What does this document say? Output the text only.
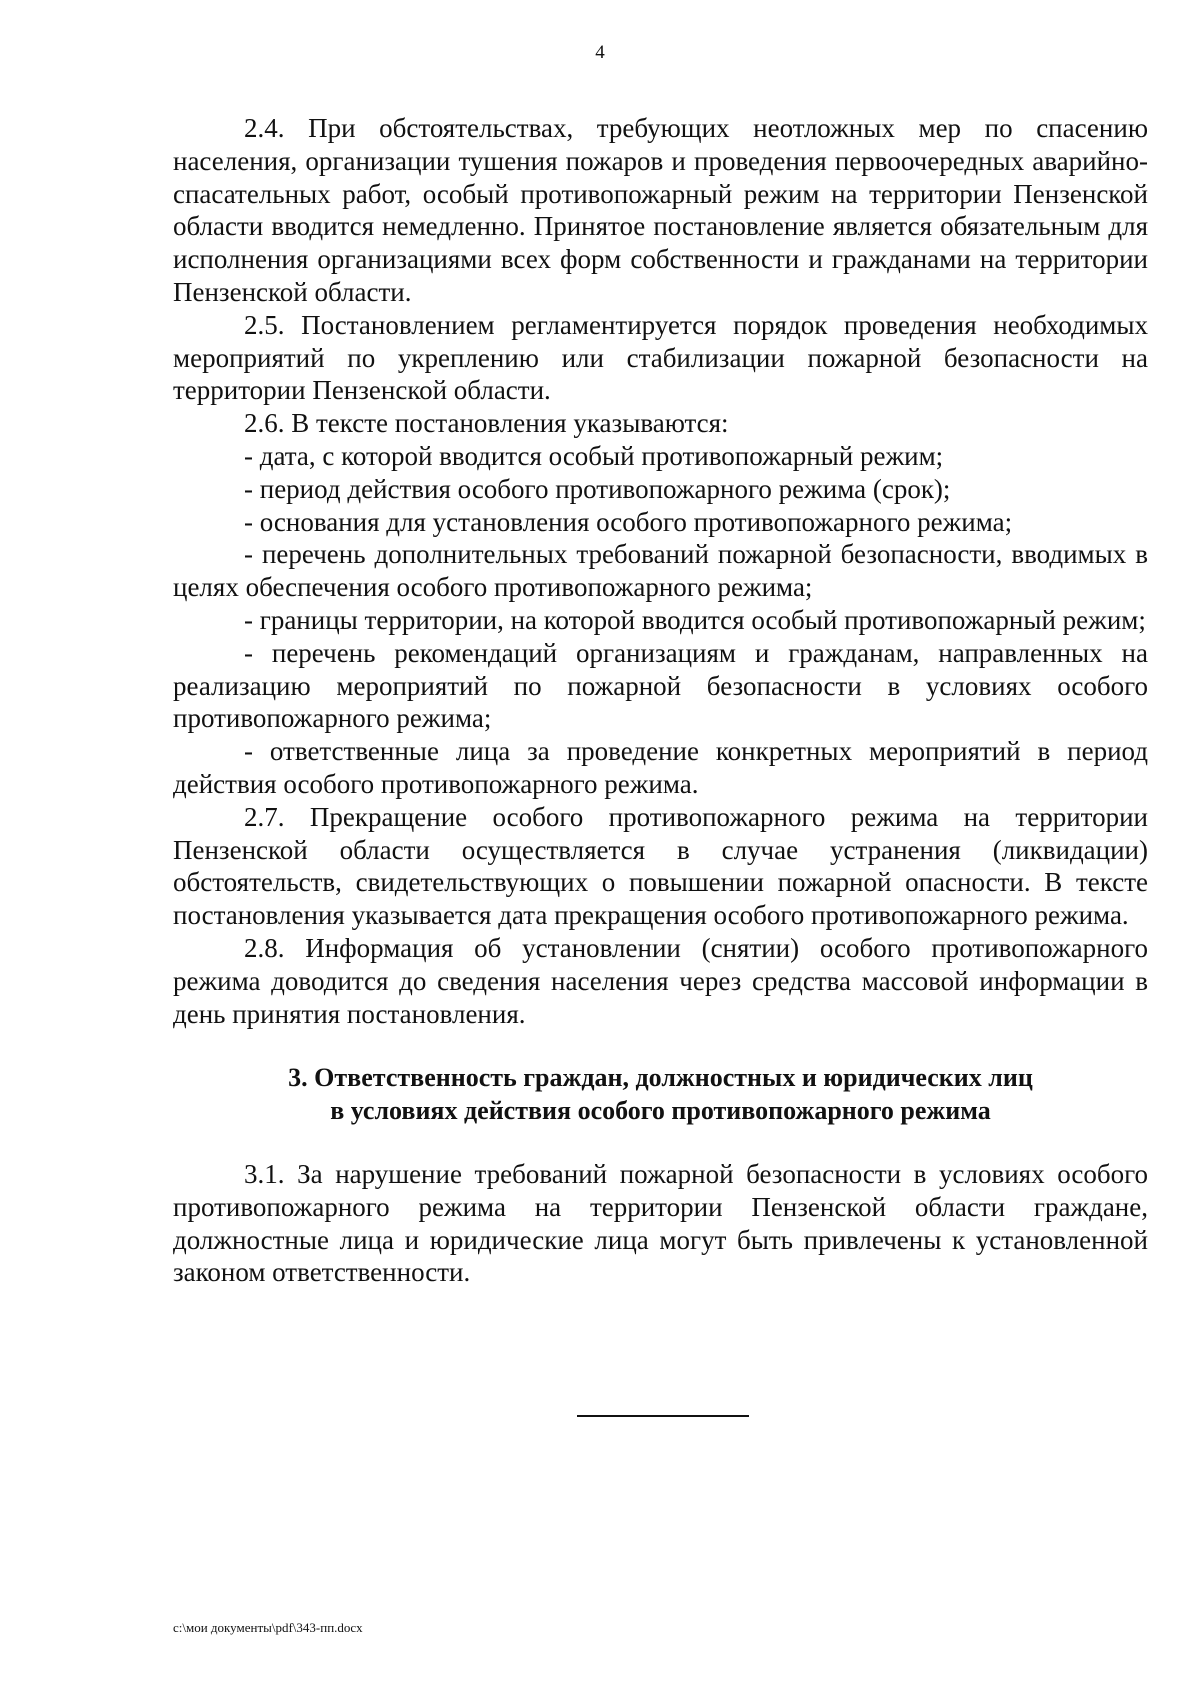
4

2.4. При обстоятельствах, требующих неотложных мер по спасению населения, организации тушения пожаров и проведения первоочередных аварийно-спасательных работ, особый противопожарный режим на территории Пензенской области вводится немедленно. Принятое постановление является обязательным для исполнения организациями всех форм собственности и гражданами на территории Пензенской области.

2.5. Постановлением регламентируется порядок проведения необходимых мероприятий по укреплению или стабилизации пожарной безопасности на территории Пензенской области.

2.6. В тексте постановления указываются:

- дата, с которой вводится особый противопожарный режим;

- период действия особого противопожарного режима (срок);

- основания для установления особого противопожарного режима;

- перечень дополнительных требований пожарной безопасности, вводимых в целях обеспечения особого противопожарного режима;

- границы территории, на которой вводится особый противопожарный режим;

- перечень рекомендаций организациям и гражданам, направленных на реализацию мероприятий по пожарной безопасности в условиях особого противопожарного режима;

- ответственные лица за проведение конкретных мероприятий в период действия особого противопожарного режима.

2.7. Прекращение особого противопожарного режима на территории Пензенской области осуществляется в случае устранения (ликвидации) обстоятельств, свидетельствующих о повышении пожарной опасности. В тексте постановления указывается дата прекращения особого противопожарного режима.

2.8. Информация об установлении (снятии) особого противопожарного режима доводится до сведения населения через средства массовой информации в день принятия постановления.

3. Ответственность граждан, должностных и юридических лиц
в условиях действия особого противопожарного режима

3.1. За нарушение требований пожарной безопасности в условиях особого противопожарного режима на территории Пензенской области граждане, должностные лица и юридические лица могут быть привлечены к установленной законом ответственности.

c:\мои документы\pdf\343-пп.docx
